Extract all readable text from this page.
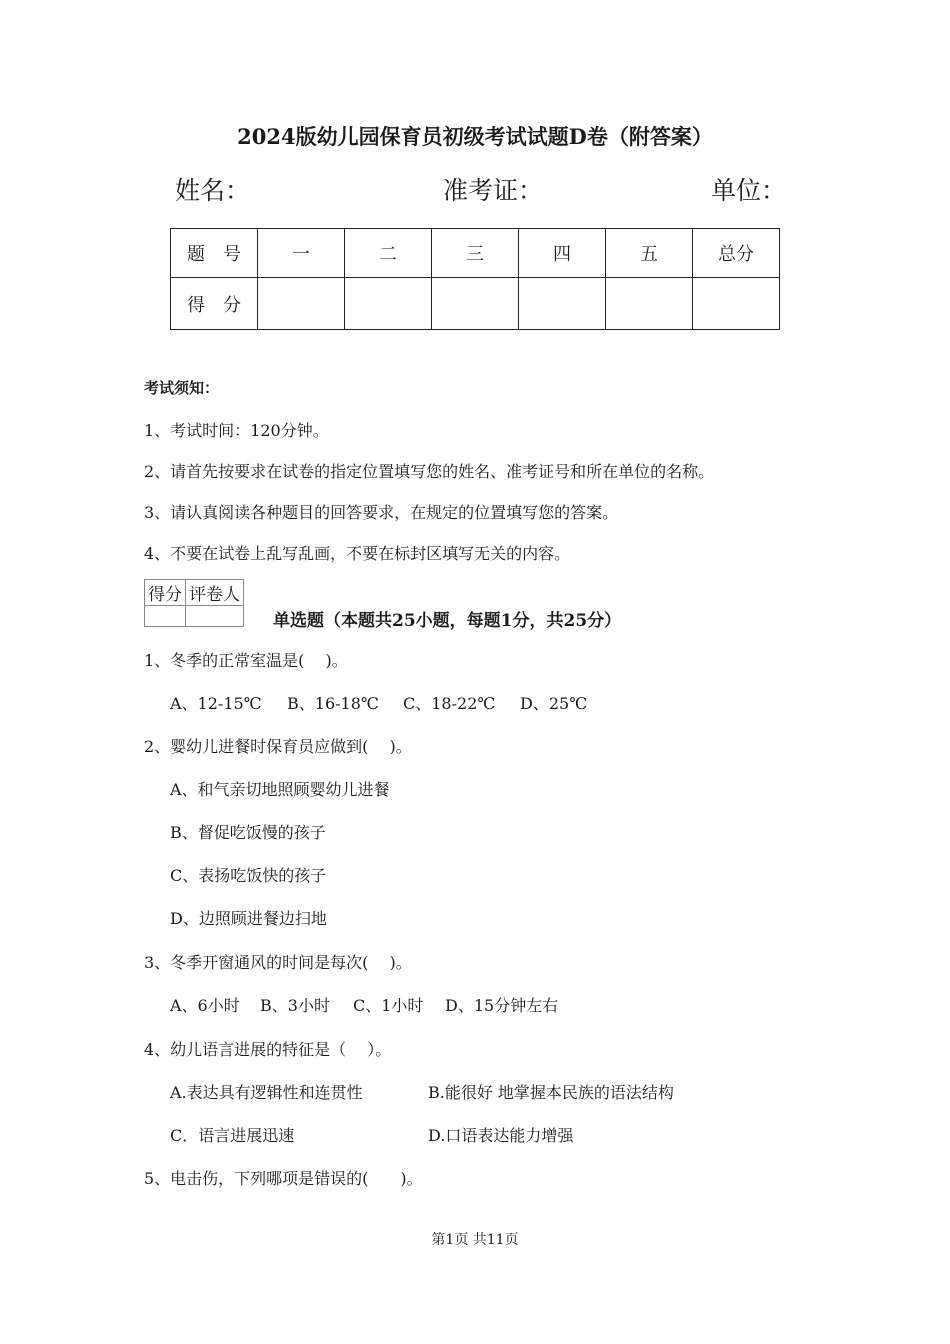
2024版幼儿园保育员初级考试试题D卷（附答案）
姓名：	准考证：	单位：
题　号	一	二	三	四	五	总分
得　分						
考试须知：
1、考试时间：120分钟。
2、请首先按要求在试卷的指定位置填写您的姓名、准考证号和所在单位的名称。
3、请认真阅读各种题目的回答要求，在规定的位置填写您的答案。
4、不要在试卷上乱写乱画，不要在标封区填写无关的内容。
得分	评卷人

单选题（本题共25小题，每题1分，共25分）
1、冬季的正常室温是(　 )。
A、12-15℃ B、16-18℃ C、18-22℃ D、25℃
2、婴幼儿进餐时保育员应做到(　 )。
A、和气亲切地照顾婴幼儿进餐
B、督促吃饭慢的孩子
C、表扬吃饭快的孩子
D、边照顾进餐边扫地
3、冬季开窗通风的时间是每次(　 )。
A、6小时 B、3小时 C、1小时 D、15分钟左右
4、幼儿语言进展的特征是（　 ）。
A.表达具有逻辑性和连贯性	B.能很好 地掌握本民族的语法结构
C．语言进展迅速	D.口语表达能力增强
5、电击伤，下列哪项是错误的(　　)。
第1页 共11页
